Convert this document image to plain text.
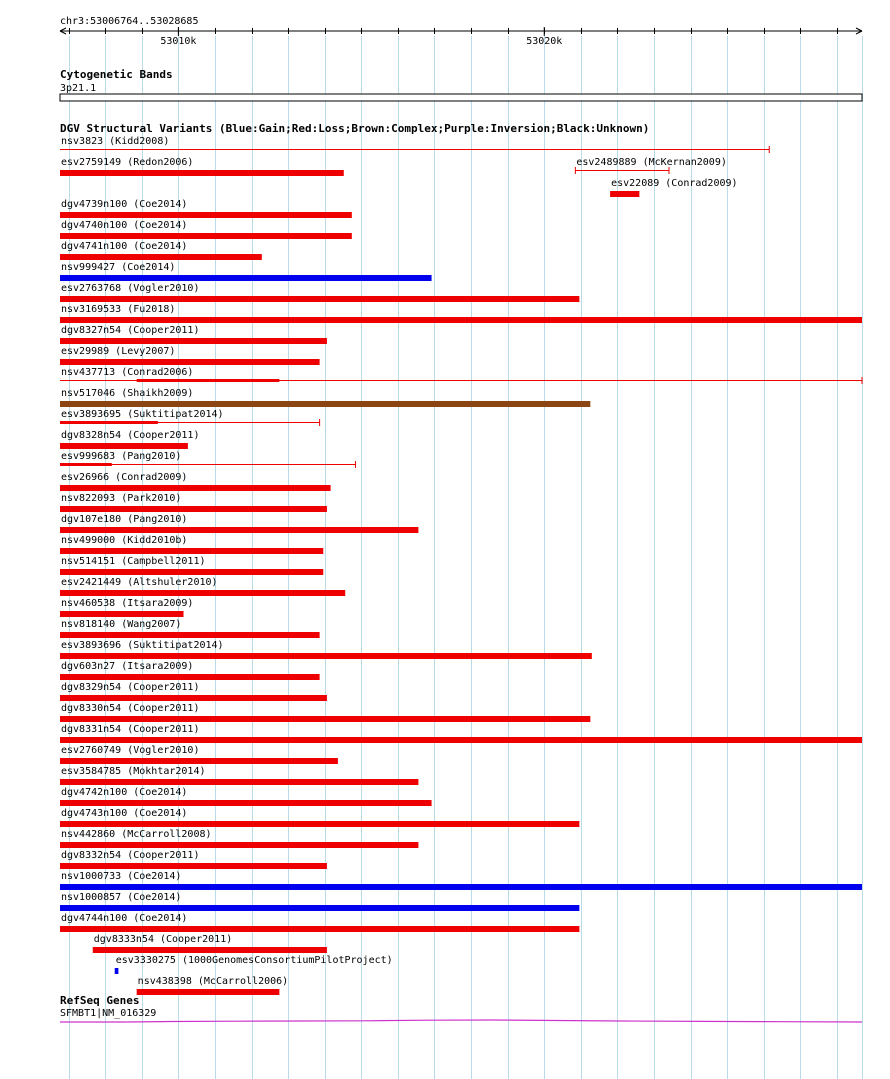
chr3:53006764..53028685
53010k	53020k
Cytogenetic Bands
3p21.1
DGV Structural Variants (Blue:Gain;Red:Loss;Brown:Complex;Purple:Inversion;Black:Unknown)
nsv3823 (Kidd2008)
esv2759149 (Redon2006)	esv2489889 (McKernan2009)
esv22089 (Conrad2009)
dgv4739n100 (Coe2014)
dgv4740n100 (Coe2014)
dgv4741n100 (Coe2014)
nsv999427 (Coe2014)
esv2763768 (Vogler2010)
nsv3169533 (Fu2018)
dgv8327n54 (Cooper2011)
esv29989 (Levy2007)
nsv437713 (Conrad2006)
nsv517046 (Shaikh2009)
esv3893695 (Suktitipat2014)
dgv8328n54 (Cooper2011)
esv999683 (Pang2010)
esv26966 (Conrad2009)
nsv822093 (Park2010)
dgv107e180 (Pang2010)
nsv499000 (Kidd2010b)
nsv514151 (Campbell2011)
esv2421449 (Altshuler2010)
nsv460538 (Itsara2009)
nsv818140 (Wang2007)
esv3893696 (Suktitipat2014)
dgv603n27 (Itsara2009)
dgv8329n54 (Cooper2011)
dgv8330n54 (Cooper2011)
dgv8331n54 (Cooper2011)
esv2760749 (Vogler2010)
esv3584785 (Mokhtar2014)
dgv4742n100 (Coe2014)
dgv4743n100 (Coe2014)
nsv442860 (McCarroll2008)
dgv8332n54 (Cooper2011)
nsv1000733 (Coe2014)
nsv1000857 (Coe2014)
dgv4744n100 (Coe2014)
dgv8333n54 (Cooper2011)
esv3330275 (1000GenomesConsortiumPilotProject)
nsv438398 (McCarroll2006)
RefSeq Genes
SFMBT1|NM_016329
